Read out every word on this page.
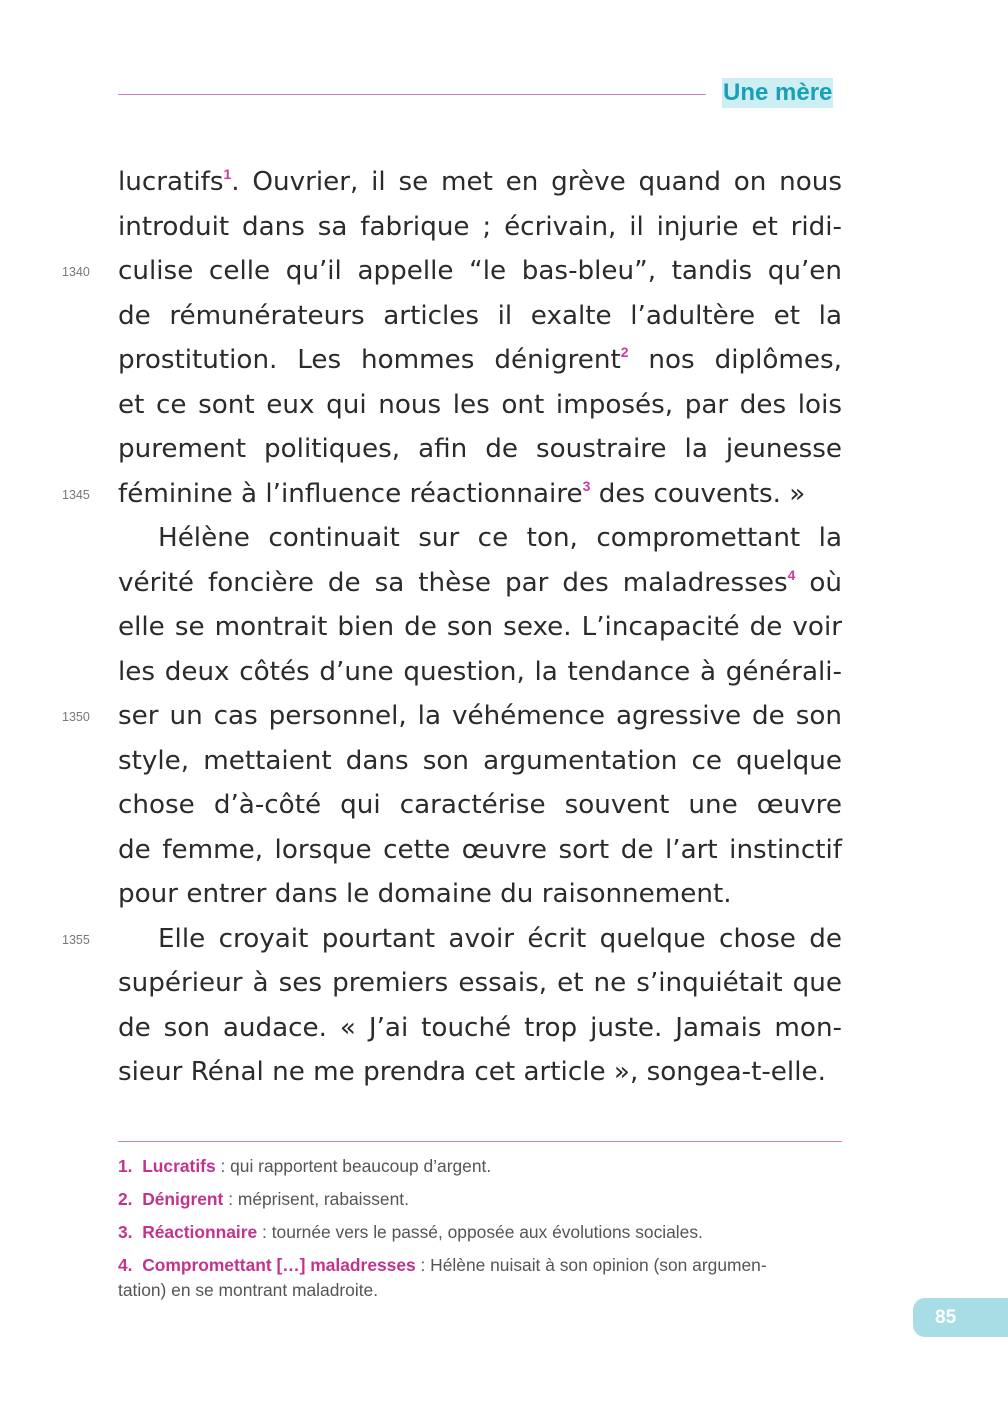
Une mère
lucratifs$^1$. Ouvrier, il se met en grève quand on nous
introduit dans sa fabrique ; écrivain, il injurie et ridi-
1340	culise celle qu’il appelle “le bas-bleu”, tandis qu’en
de rémunérateurs articles il exalte l’adultère et la
prostitution. Les hommes dénigrent$^2$ nos diplômes,
et ce sont eux qui nous les ont imposés, par des lois
purement politiques, afin de soustraire la jeunesse
1345	féminine à l’influence réactionnaire$^3$ des couvents. »
Hélène continuait sur ce ton, compromettant la
vérité foncière de sa thèse par des maladresses$^4$ où
elle se montrait bien de son sexe. L’incapacité de voir
les deux côtés d’une question, la tendance à générali-
1350	ser un cas personnel, la véhémence agressive de son
style, mettaient dans son argumentation ce quelque
chose d’à-côté qui caractérise souvent une œuvre
de femme, lorsque cette œuvre sort de l’art instinctif
pour entrer dans le domaine du raisonnement.
1355	Elle croyait pourtant avoir écrit quelque chose de
supérieur à ses premiers essais, et ne s’inquiétait que
de son audace. « J’ai touché trop juste. Jamais mon-
sieur Rénal ne me prendra cet article », songea-t-elle.
1. Lucratifs : qui rapportent beaucoup d’argent.
2. Dénigrent : méprisent, rabaissent.
3. Réactionnaire : tournée vers le passé, opposée aux évolutions sociales.
4. Compromettant […] maladresses : Hélène nuisait à son opinion (son argumen-
tation) en se montrant maladroite.
85
